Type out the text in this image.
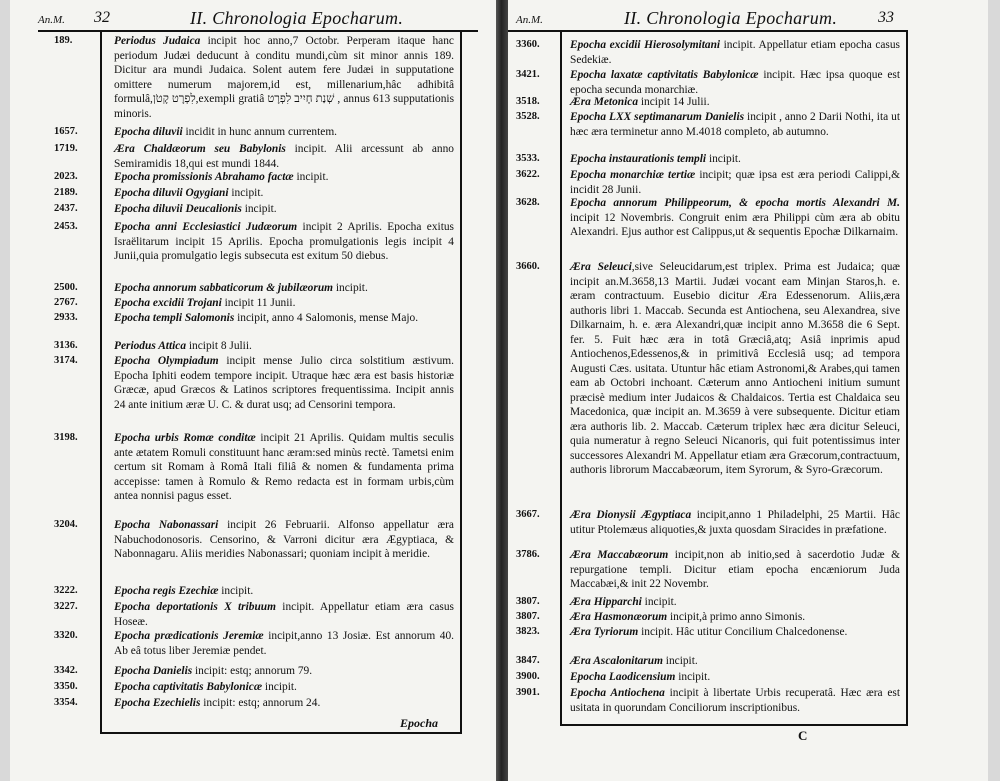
An.M. 32	II. Chronologia Epocharum.
189.	Periodus Judaica incipit hoc anno,7 Octobr. Perperam itaque hanc periodum Judæi deducunt à conditu mundi,cùm sit minor annis 189. Dicitur ara mundi Judaica. Solent autem fere Judæi in supputatione omittere numerum majorem,id est, millenarium,hâc adhibitâ formulâ,לִפְרָט קָטֹן,exempli gratiâ שְׁנַת חָיִיב לִפְרָט , annus 613 supputationis minoris.
1657.	Epocha diluvii incidit in hunc annum currentem.
1719.	Æra Chaldæorum seu Babylonis incipit. Alii arcessunt ab anno Semiramidis 18,qui est mundi 1844.
2023.	Epocha promissionis Abrahamo factæ incipit.
2189.	Epocha diluvii Ogygiani incipit.
2437.	Epocha diluvii Deucalionis incipit.
2453.	Epocha anni Ecclesiastici Judæorum incipit 2 Aprilis. Epocha exitus Israëlitarum incipit 15 Aprilis. Epocha promulgationis legis incipit 4 Junii,quia promulgatio legis subsecuta est exitum 50 diebus.
2500.	Epocha annorum sabbaticorum & jubilæorum incipit.
2767.	Epocha excidii Trojani incipit 11 Junii.
2933.	Epocha templi Salomonis incipit, anno 4 Salomonis, mense Majo.
3136.	Periodus Attica incipit 8 Julii.
3174.	Epocha Olympiadum incipit mense Julio circa solstitium æstivum. Epocha Iphiti eodem tempore incipit. Utraque hæc æra est basis historiæ Græcæ, apud Græcos & Latinos scriptores frequentissima. Incipit annis 24 ante initium æræ U. C. & durat usq; ad Censorini tempora.
3198.	Epocha urbis Romæ conditæ incipit 21 Aprilis. Quidam multis seculis ante ætatem Romuli constituunt hanc æram:sed minùs rectè. Tametsi enim certum sit Romam à Româ Itali filiâ & nomen & fundamenta prima accepisse: tamen à Romulo & Remo redacta est in formam urbis,cùm antea nonnisi pagus esset.
3204.	Epocha Nabonassari incipit 26 Februarii. Alfonso appellatur æra Nabuchodonosoris. Censorino, & Varroni dicitur æra Ægyptiaca, & Nabonnagaru. Aliis meridies Nabonassari; quoniam incipit à meridie.
3222.	Epocha regis Ezechiæ incipit.
3227.	Epocha deportationis X tribuum incipit. Appellatur etiam æra casus Hoseæ.
3320.	Epocha prædicationis Jeremiæ incipit,anno 13 Josiæ. Est annorum 40. Ab eâ totus liber Jeremiæ pendet.
3342.	Epocha Danielis incipit: estq; annorum 79.
3350.	Epocha captivitatis Babylonicæ incipit.
3354.	Epocha Ezechielis incipit: estq; annorum 24.
Epocha
An.M.	II. Chronologia Epocharum.	33
3360.	Epocha excidii Hierosolymitani incipit. Appellatur etiam epocha casus Sedekiæ.
3421.	Epocha laxatæ captivitatis Babylonicæ incipit. Hæc ipsa quoque est epocha secunda monarchiæ.
3518.	Æra Metonica incipit 14 Julii.
3528.	Epocha LXX septimanarum Danielis incipit , anno 2 Darii Nothi, ita ut hæc æra terminetur anno M.4018 completo, ab autumno.
3533.	Epocha instaurationis templi incipit.
3622.	Epocha monarchiæ tertiæ incipit; quæ ipsa est æra periodi Calippi,& incidit 28 Junii.
3628.	Epocha annorum Philippeorum, & epocha mortis Alexandri M. incipit 12 Novembris. Congruit enim æra Philippi cùm æra ab obitu Alexandri. Ejus author est Calippus,ut & sequentis Epochæ Dilkarnaim.
3660.	Æra Seleuci,sive Seleucidarum,est triplex. Prima est Judaica; quæ incipit an.M.3658,13 Martii. Judæi vocant eam Minjan Staros,h. e. æram contractuum. Eusebio dicitur Æra Edessenorum. Aliis,æra authoris libri 1. Maccab. Secunda est Antiochena, seu Alexandrea, sive Dilkarnaim, h. e. æra Alexandri,quæ incipit anno M.3658 die 6 Sept. fer. 5. Fuit hæc æra in totâ Græciâ,atq; Asiâ inprimis apud Antiochenos,Edessenos,& in primitivâ Ecclesiâ usq; ad tempora Augusti Cæs. usitata. Utuntur hâc etiam Astronomi,& Arabes,qui tamen eam ab Octobri inchoant. Cæterum anno Antiocheni initium sumunt præcisè medium inter Judaicos & Chaldaicos. Tertia est Chaldaica seu Macedonica, quæ incipit an. M.3659 à vere subsequente. Dicitur etiam æra authoris lib. 2. Maccab. Cæterum triplex hæc æra dicitur Seleuci, quia numeratur à regno Seleuci Nicanoris, qui fuit potentissimus inter successores Alexandri M. Appellatur etiam æra Græcorum,contractuum, authoris librorum Maccabæorum, item Syrorum, & Syro-Græcorum.
3667.	Æra Dionysii Ægyptiaca incipit,anno 1 Philadelphi, 25 Martii. Hâc utitur Ptolemæus aliquoties,& juxta quosdam Siracides in præfatione.
3786.	Æra Maccabæorum incipit,non ab initio,sed à sacerdotio Judæ & repurgatione templi. Dicitur etiam epocha encæniorum Juda Maccabæi,& init 22 Novembr.
3807.	Æra Hipparchi incipit.
3807.	Æra Hasmonæorum incipit,à primo anno Simonis.
3823.	Æra Tyriorum incipit. Hâc utitur Concilium Chalcedonense.
3847.	Æra Ascalonitarum incipit.
3900.	Epocha Laodicensium incipit.
3901.	Epocha Antiochena incipit à libertate Urbis recuperatâ. Hæc æra est usitata in quorundam Conciliorum inscriptionibus.
C
